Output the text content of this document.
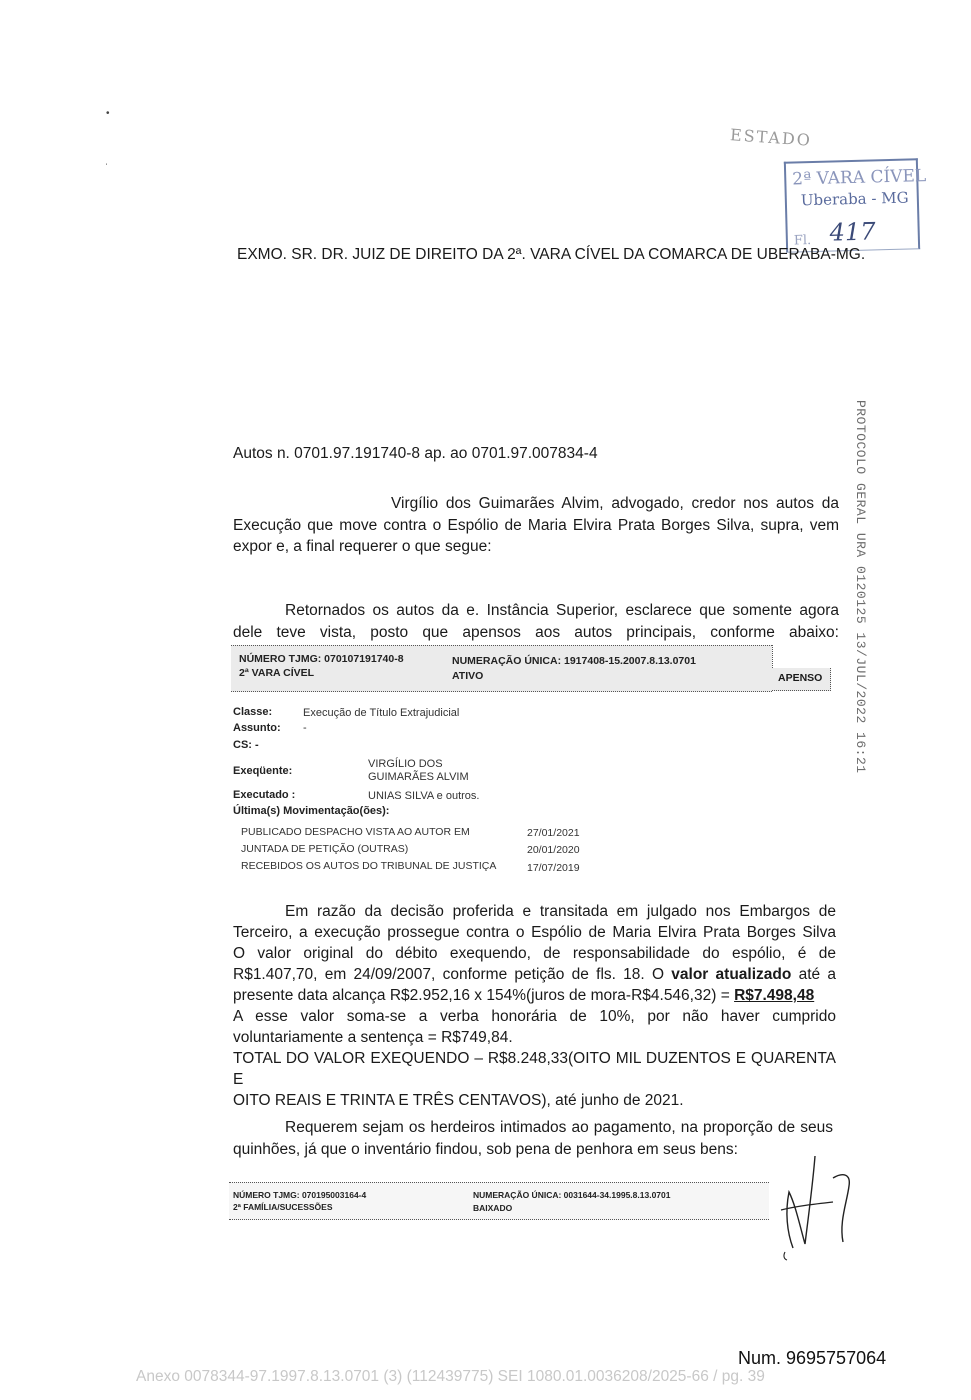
•
ˌ
ESTADO
2ª VARA CÍVEL
Uberaba - MG
Fl. 417
EXMO. SR. DR. JUIZ DE DIREITO DA 2ª. VARA CÍVEL DA COMARCA DE UBERABA-MG.
PROTOCOLO GERAL URA 0120125 13/JUL/2022 16:21
Autos n. 0701.97.191740-8 ap. ao 0701.97.007834-4
Virgílio dos Guimarães Alvim, advogado, credor nos autos da
Execução que move contra o Espólio de Maria Elvira Prata Borges Silva, supra, vem
expor e, a final requerer o que segue:
Retornados os autos da e. Instância Superior, esclarece que somente agora
dele teve vista, posto que apensos aos autos principais, conforme abaixo:
NÚMERO TJMG: 070107191740-8	NUMERAÇÃO ÚNICA: 1917408-15.2007.8.13.0701
2ª VARA CÍVEL	ATIVO	APENSO
Classe:	Execução de Título Extrajudicial
Assunto: -
CS: -
Exeqüente:
VIRGÍLIO DOS
GUIMARÃES ALVIM
Executado :	UNIAS SILVA e outros.
Última(s) Movimentação(ões):
PUBLICADO DESPACHO VISTA AO AUTOR EM	27/01/2021
JUNTADA DE PETIÇÃO (OUTRAS)	20/01/2020
RECEBIDOS OS AUTOS DO TRIBUNAL DE JUSTIÇA	17/07/2019
Em razão da decisão proferida e transitada em julgado nos Embargos de
Terceiro, a execução prossegue contra o Espólio de Maria Elvira Prata Borges Silva
O valor original do débito exequendo, de responsabilidade do espólio, é de
R$1.407,70, em 24/09/2007, conforme petição de fls. 18. O valor atualizado até a
presente data alcança R$2.952,16 x 154%(juros de mora-R$4.546,32) = R$7.498,48
A esse valor soma-se a verba honorária de 10%, por não haver cumprido
voluntariamente a sentença = R$749,84.
TOTAL DO VALOR EXEQUENDO – R$8.248,33(OITO MIL DUZENTOS E QUARENTA E
OITO REAIS E TRINTA E TRÊS CENTAVOS), até junho de 2021.
Requerem sejam os herdeiros intimados ao pagamento, na proporção de seus
quinhões, já que o inventário findou, sob pena de penhora em seus bens:
NÚMERO TJMG: 070195003164-4	NUMERAÇÃO ÚNICA: 0031644-34.1995.8.13.0701
2ª FAMÍLIA/SUCESSÕES	BAIXADO
Num. 9695757064
Anexo 0078344-97.1997.8.13.0701 (3) (112439775) SEI 1080.01.0036208/2025-66 / pg. 39
